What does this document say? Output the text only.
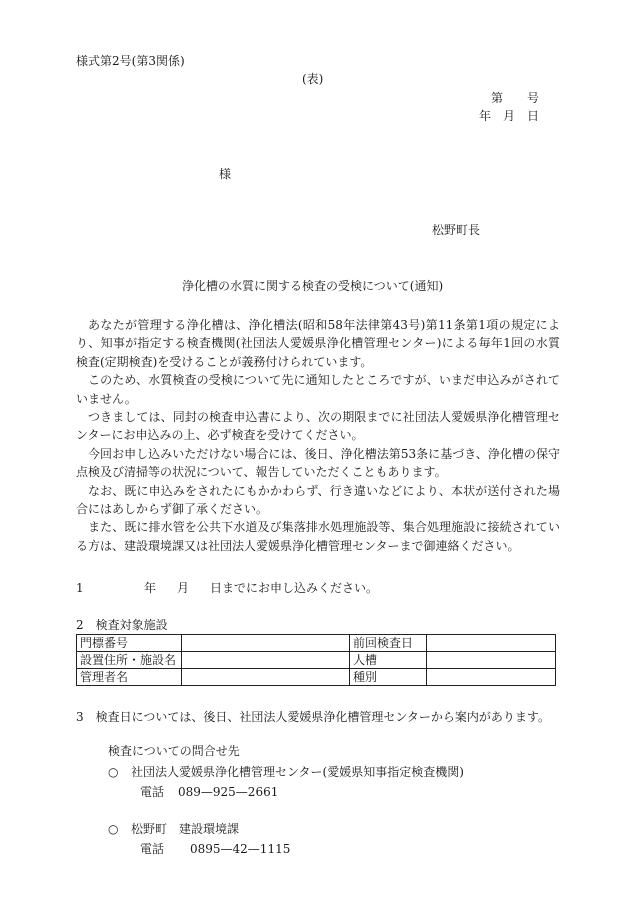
様式第2号(第3関係)
(表)
第　　号
年　月　日
様
松野町長
浄化槽の水質に関する検査の受検について(通知)

あなたが管理する浄化槽は、浄化槽法(昭和58年法律第43号)第11条第1項の規定により、知事が指定する検査機関(社団法人愛媛県浄化槽管理センター)による毎年1回の水質検査(定期検査)を受けることが義務付けられています。

このため、水質検査の受検について先に通知したところですが、いまだ申込みがされていません。

つきましては、同封の検査申込書により、次の期限までに社団法人愛媛県浄化槽管理センターにお申込みの上、必ず検査を受けてください。

今回お申し込みいただけない場合には、後日、浄化槽法第53条に基づき、浄化槽の保守点検及び清掃等の状況について、報告していただくこともあります。

なお、既に申込みをされたにもかかわらず、行き違いなどにより、本状が送付された場合にはあしからず御了承ください。

また、既に排水管を公共下水道及び集落排水処理施設等、集合処理施設に接続されている方は、建設環境課又は社団法人愛媛県浄化槽管理センターまで御連絡ください。

1	年 月 日までにお申し込みください。
2　検査対象施設
門標番号		前回検査日	
設置住所・施設名		人槽	
管理者名		種別	
3　検査日については、後日、社団法人愛媛県浄化槽管理センターから案内があります。
検査についての問合せ先
○ 社団法人愛媛県浄化槽管理センター(愛媛県知事指定検査機関)
電話 089—925—2661
○ 松野町　建設環境課
電話 0895—42—1115
